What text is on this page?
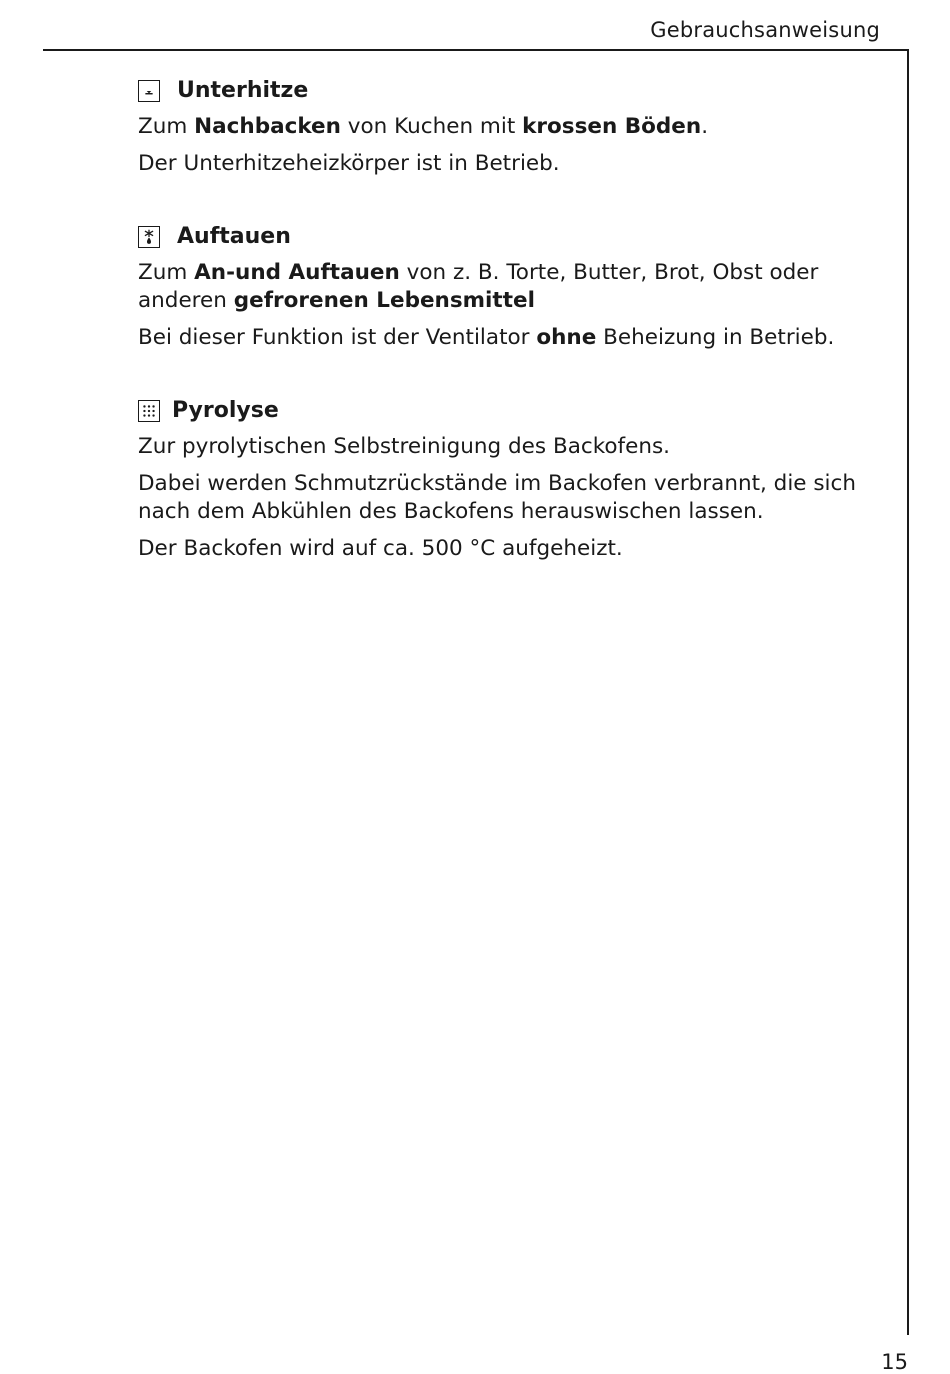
Gebrauchsanweisung
Unterhitze

Zum Nachbacken von Kuchen mit krossen Böden.

Der Unterhitzeheizkörper ist in Betrieb.

Auftauen

Zum An-und Auftauen von z. B. Torte, Butter, Brot, Obst oder anderen gefrorenen Lebensmittel

Bei dieser Funktion ist der Ventilator ohne Beheizung in Betrieb.

Pyrolyse

Zur pyrolytischen Selbstreinigung des Backofens.

Dabei werden Schmutzrückstände im Backofen verbrannt, die sich nach dem Abkühlen des Backofens herauswischen lassen.

Der Backofen wird auf ca. 500 °C aufgeheizt.

15
